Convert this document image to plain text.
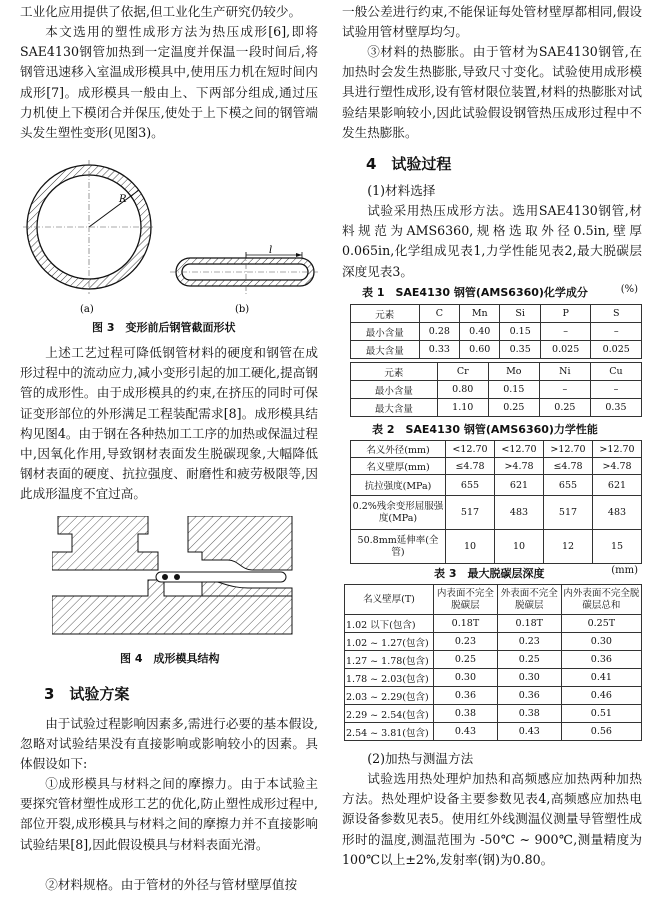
工业化应用提供了依据,但工业化生产研究仍较少。

本文选用的塑性成形方法为热压成形[6],即将SAE4130钢管加热到一定温度并保温一段时间后,将钢管迅速移入室温成形模具中,使用压力机在短时间内成形[7]。成形模具一般由上、下两部分组成,通过压力机使上下模闭合并保压,使处于上下模之间的钢管端头发生塑性变形(见图3)。

R
(a)
l
(b)
图 3　变形前后钢管截面形状

上述工艺过程可降低钢管材料的硬度和钢管在成形过程中的流动应力,减小变形引起的加工硬化,提高钢管的成形性。由于成形模具的约束,在挤压的同时可保证变形部位的外形满足工程装配需求[8]。成形模具结构见图4。由于钢在各种热加工工序的加热或保温过程中,因氧化作用,导致钢材表面发生脱碳现象,大幅降低钢材表面的硬度、抗拉强度、耐磨性和疲劳极限等,因此成形温度不宜过高。

图 4　成形模具结构
3　试验方案

由于试验过程影响因素多,需进行必要的基本假设,忽略对试验结果没有直接影响或影响较小的因素。具体假设如下:

①成形模具与材料之间的摩擦力。由于本试验主要探究管材塑性成形工艺的优化,防止塑性成形过程中,部位开裂,成形模具与材料之间的摩擦力并不直接影响试验结果[8],因此假设模具与材料表面光滑。

②材料规格。由于管材的外径与管材壁厚值按

一般公差进行约束,不能保证每处管材壁厚都相同,假设试验用管材壁厚均匀。

③材料的热膨胀。由于管材为SAE4130钢管,在加热时会发生热膨胀,导致尺寸变化。试验使用成形模具进行塑性成形,设有管材限位装置,材料的热膨胀对试验结果影响较小,因此试验假设钢管热压成形过程中不发生热膨胀。

4　试验过程

(1)材料选择

试验采用热压成形方法。选用SAE4130钢管,材料规范为AMS6360,规格选取外径0.5in,壁厚0.065in,化学组成见表1,力学性能见表2,最大脱碳层深度见表3。

表 1　SAE4130 钢管(AMS6360)化学成分	(%)
元素	C	Mn	Si	P	S
最小含量	0.28	0.40	0.15	–	–
最大含量	0.33	0.60	0.35	0.025	0.025
元素	Cr	Mo	Ni	Cu
最小含量	0.80	0.15	–	–
最大含量	1.10	0.25	0.25	0.35
表 2　SAE4130 钢管(AMS6360)力学性能
名义外径(mm)	<12.70	<12.70	>12.70	>12.70
名义壁厚(mm)	≤4.78	>4.78	≤4.78	>4.78
抗拉强度(MPa)	655	621	655	621
0.2%残余变形屈服强度(MPa)	517	483	517	483
50.8mm延伸率(全管)	10	10	12	15
表 3　最大脱碳层深度	(mm)
名义壁厚(T)	内表面不完全脱碳层	外表面不完全脱碳层	内外表面不完全脱碳层总和
1.02 以下(包含)	0.18T	0.18T	0.25T
1.02 ~ 1.27(包含)	0.23	0.23	0.30
1.27 ~ 1.78(包含)	0.25	0.25	0.36
1.78 ~ 2.03(包含)	0.30	0.30	0.41
2.03 ~ 2.29(包含)	0.36	0.36	0.46
2.29 ~ 2.54(包含)	0.38	0.38	0.51
2.54 ~ 3.81(包含)	0.43	0.43	0.56

(2)加热与测温方法

试验选用热处理炉加热和高频感应加热两种加热方法。热处理炉设备主要参数见表4,高频感应加热电源设备参数见表5。使用红外线测温仪测量导管塑性成形时的温度,测温范围为 -50℃ ~ 900℃,测量精度为100℃以上±2%,发射率(钢)为0.80。
